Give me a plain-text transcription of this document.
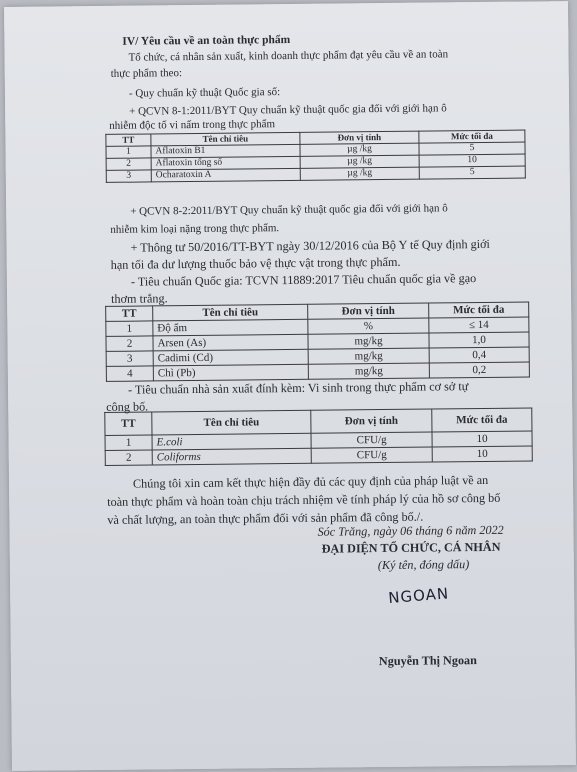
IV/ Yêu cầu về an toàn thực phẩm
Tổ chức, cá nhân sản xuất, kinh doanh thực phẩm đạt yêu cầu về an toàn
thực phẩm theo:
- Quy chuẩn kỹ thuật Quốc gia số:
+ QCVN 8-1:2011/BYT Quy chuẩn kỹ thuật quốc gia đối với giới hạn ô
nhiễm độc tố vi nấm trong thực phẩm
TT	Tên chỉ tiêu	Đơn vị tính	Mức tối đa
1	Aflatoxin B1	µg /kg	5
2	Aflatoxin tổng số	µg /kg	10
3	Ocharatoxin A	µg /kg	5
+ QCVN 8-2:2011/BYT Quy chuẩn kỹ thuật quốc gia đối với giới hạn ô
nhiễm kim loại nặng trong thực phẩm.
+ Thông tư 50/2016/TT-BYT ngày 30/12/2016 của Bộ Y tế Quy định giới
hạn tối đa dư lượng thuốc bảo vệ thực vật trong thực phẩm.
- Tiêu chuẩn Quốc gia: TCVN 11889:2017 Tiêu chuẩn quốc gia về gạo
thơm trắng.
TT	Tên chỉ tiêu	Đơn vị tính	Mức tối đa
1	Độ ẩm	%	≤ 14
2	Arsen (As)	mg/kg	1,0
3	Cadimi (Cd)	mg/kg	0,4
4	Chì (Pb)	mg/kg	0,2
- Tiêu chuẩn nhà sản xuất đính kèm: Vi sinh trong thực phẩm cơ sở tự
công bố.
TT	Tên chỉ tiêu	Đơn vị tính	Mức tối đa
1	E.coli	CFU/g	10
2	Coliforms	CFU/g	10
Chúng tôi xin cam kết thực hiện đầy đủ các quy định của pháp luật về an
toàn thực phẩm và hoàn toàn chịu trách nhiệm về tính pháp lý của hồ sơ công bố
và chất lượng, an toàn thực phẩm đối với sản phẩm đã công bố./.
Sóc Trăng, ngày 06 tháng 6 năm 2022
ĐẠI DIỆN TỔ CHỨC, CÁ NHÂN
(Ký tên, đóng dấu)
NGOAN
Nguyễn Thị Ngoan
